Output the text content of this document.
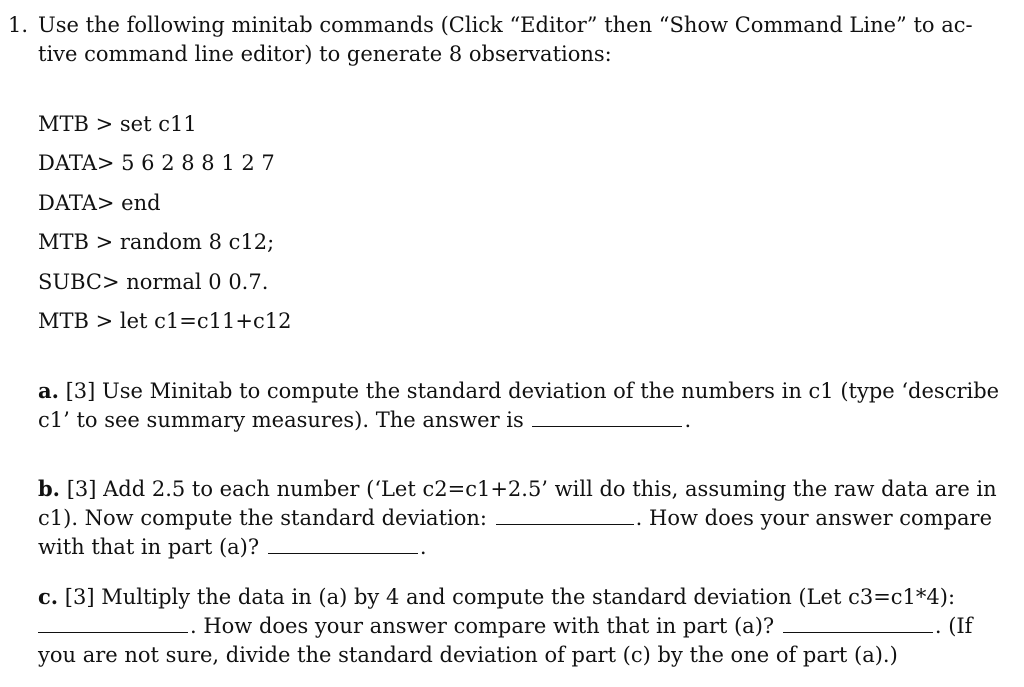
1. Use the following minitab commands (Click “Editor” then “Show Command Line” to ac-
tive command line editor) to generate 8 observations:
MTB > set c11
DATA> 5 6 2 8 8 1 2 7
DATA> end
MTB > random 8 c12;
SUBC> normal 0 0.7.
MTB > let c1=c11+c12
a. [3] Use Minitab to compute the standard deviation of the numbers in c1 (type ‘describe
c1’ to see summary measures). The answer is	.
b. [3] Add 2.5 to each number (‘Let c2=c1+2.5’ will do this, assuming the raw data are in
c1). Now compute the standard deviation:	. How does your answer compare
with that in part (a)?	.
c. [3] Multiply the data in (a) by 4 and compute the standard deviation (Let c3=c1*4):
. How does your answer compare with that in part (a)?	. (If
you are not sure, divide the standard deviation of part (c) by the one of part (a).)
